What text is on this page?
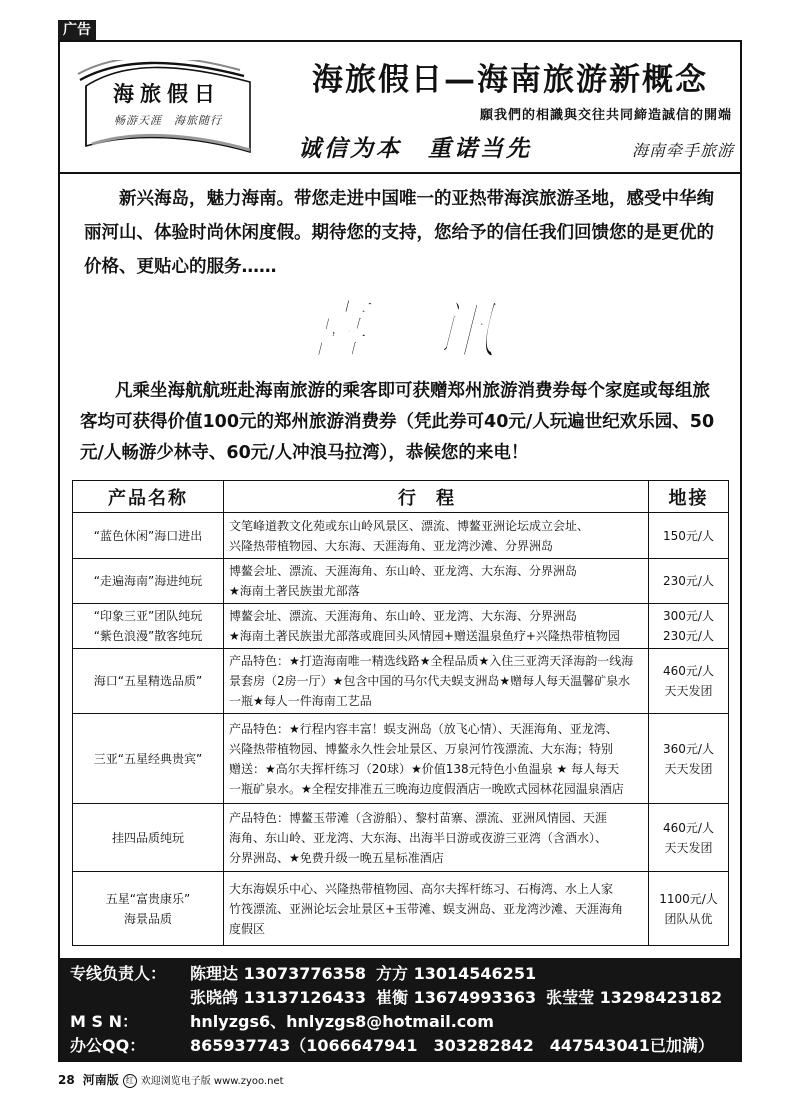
广告
海旅假日
畅游天涯　海旅随行
海旅假日—海南旅游新概念
願我們的相識與交往共同締造誠信的開端
诚信为本　重诺当先	海南牵手旅游

新兴海岛，魅力海南。带您走进中国唯一的亚热带海滨旅游圣地，感受中华绚丽河山、体验时尚休闲度假。期待您的支持，您给予的信任我们回馈您的是更优的价格、更贴心的服务……

喜　讯

凡乘坐海航航班赴海南旅游的乘客即可获赠郑州旅游消费券每个家庭或每组旅客均可获得价值100元的郑州旅游消费券（凭此券可40元/人玩遍世纪欢乐园、50元/人畅游少林寺、60元/人冲浪马拉湾），恭候您的来电！

产品名称	行程	地接

“蓝色休闲”海口进出	文笔峰道教文化苑或东山岭风景区、漂流、博鳌亚洲论坛成立会址、
兴隆热带植物园、大东海、天涯海角、亚龙湾沙滩、分界洲岛	150元/人

“走遍海南”海进纯玩	博鳌会址、漂流、天涯海角、东山岭、亚龙湾、大东海、分界洲岛
★海南土著民族蚩尤部落	230元/人

“印象三亚”团队纯玩
“紫色浪漫”散客纯玩	博鳌会址、漂流、天涯海角、东山岭、亚龙湾、大东海、分界洲岛
★海南土著民族蚩尤部落或鹿回头风情园+赠送温泉鱼疗+兴隆热带植物园	300元/人
230元/人

海口“五星精选品质”	产品特色：★打造海南唯一精选线路★全程品质★入住三亚湾天泽海韵一线海
景套房（2房一厅）★包含中国的马尔代夫蜈支洲岛★赠每人每天温馨矿泉水
一瓶★每人一件海南工艺品	460元/人
天天发团

三亚“五星经典贵宾”	产品特色：★行程内容丰富！蜈支洲岛（放飞心情）、天涯海角、亚龙湾、
兴隆热带植物园、博鳌永久性会址景区、万泉河竹筏漂流、大东海；特别
赠送：★高尔夫挥杆练习（20球）★价值138元特色小鱼温泉 ★ 每人每天
一瓶矿泉水。★全程安排准五三晚海边度假酒店一晚欧式园林花园温泉酒店	360元/人
天天发团

挂四品质纯玩	产品特色：博鳌玉带滩（含游船）、黎村苗寨、漂流、亚洲风情园、天涯
海角、东山岭、亚龙湾、大东海、出海半日游或夜游三亚湾（含酒水）、
分界洲岛、★免费升级一晚五星标准酒店	460元/人
天天发团

五星“富贵康乐”
海景品质	大东海娱乐中心、兴隆热带植物园、高尔夫挥杆练习、石梅湾、水上人家
竹筏漂流、亚洲论坛会址景区+玉带滩、蜈支洲岛、亚龙湾沙滩、天涯海角
度假区	1100元/人
团队从优
专线负责人： 陈理达 13073776358 方方 13014546251
张晓鸽 13137126433 崔衡 13674993363 张莹莹 13298423182
M S N：	hnlyzgs6、hnlyzgs8@hotmail.com
办公QQ：	865937743（1066647941　303282842　447543041已加满）
28 河南版 红 欢迎浏览电子版 www.zyoo.net
